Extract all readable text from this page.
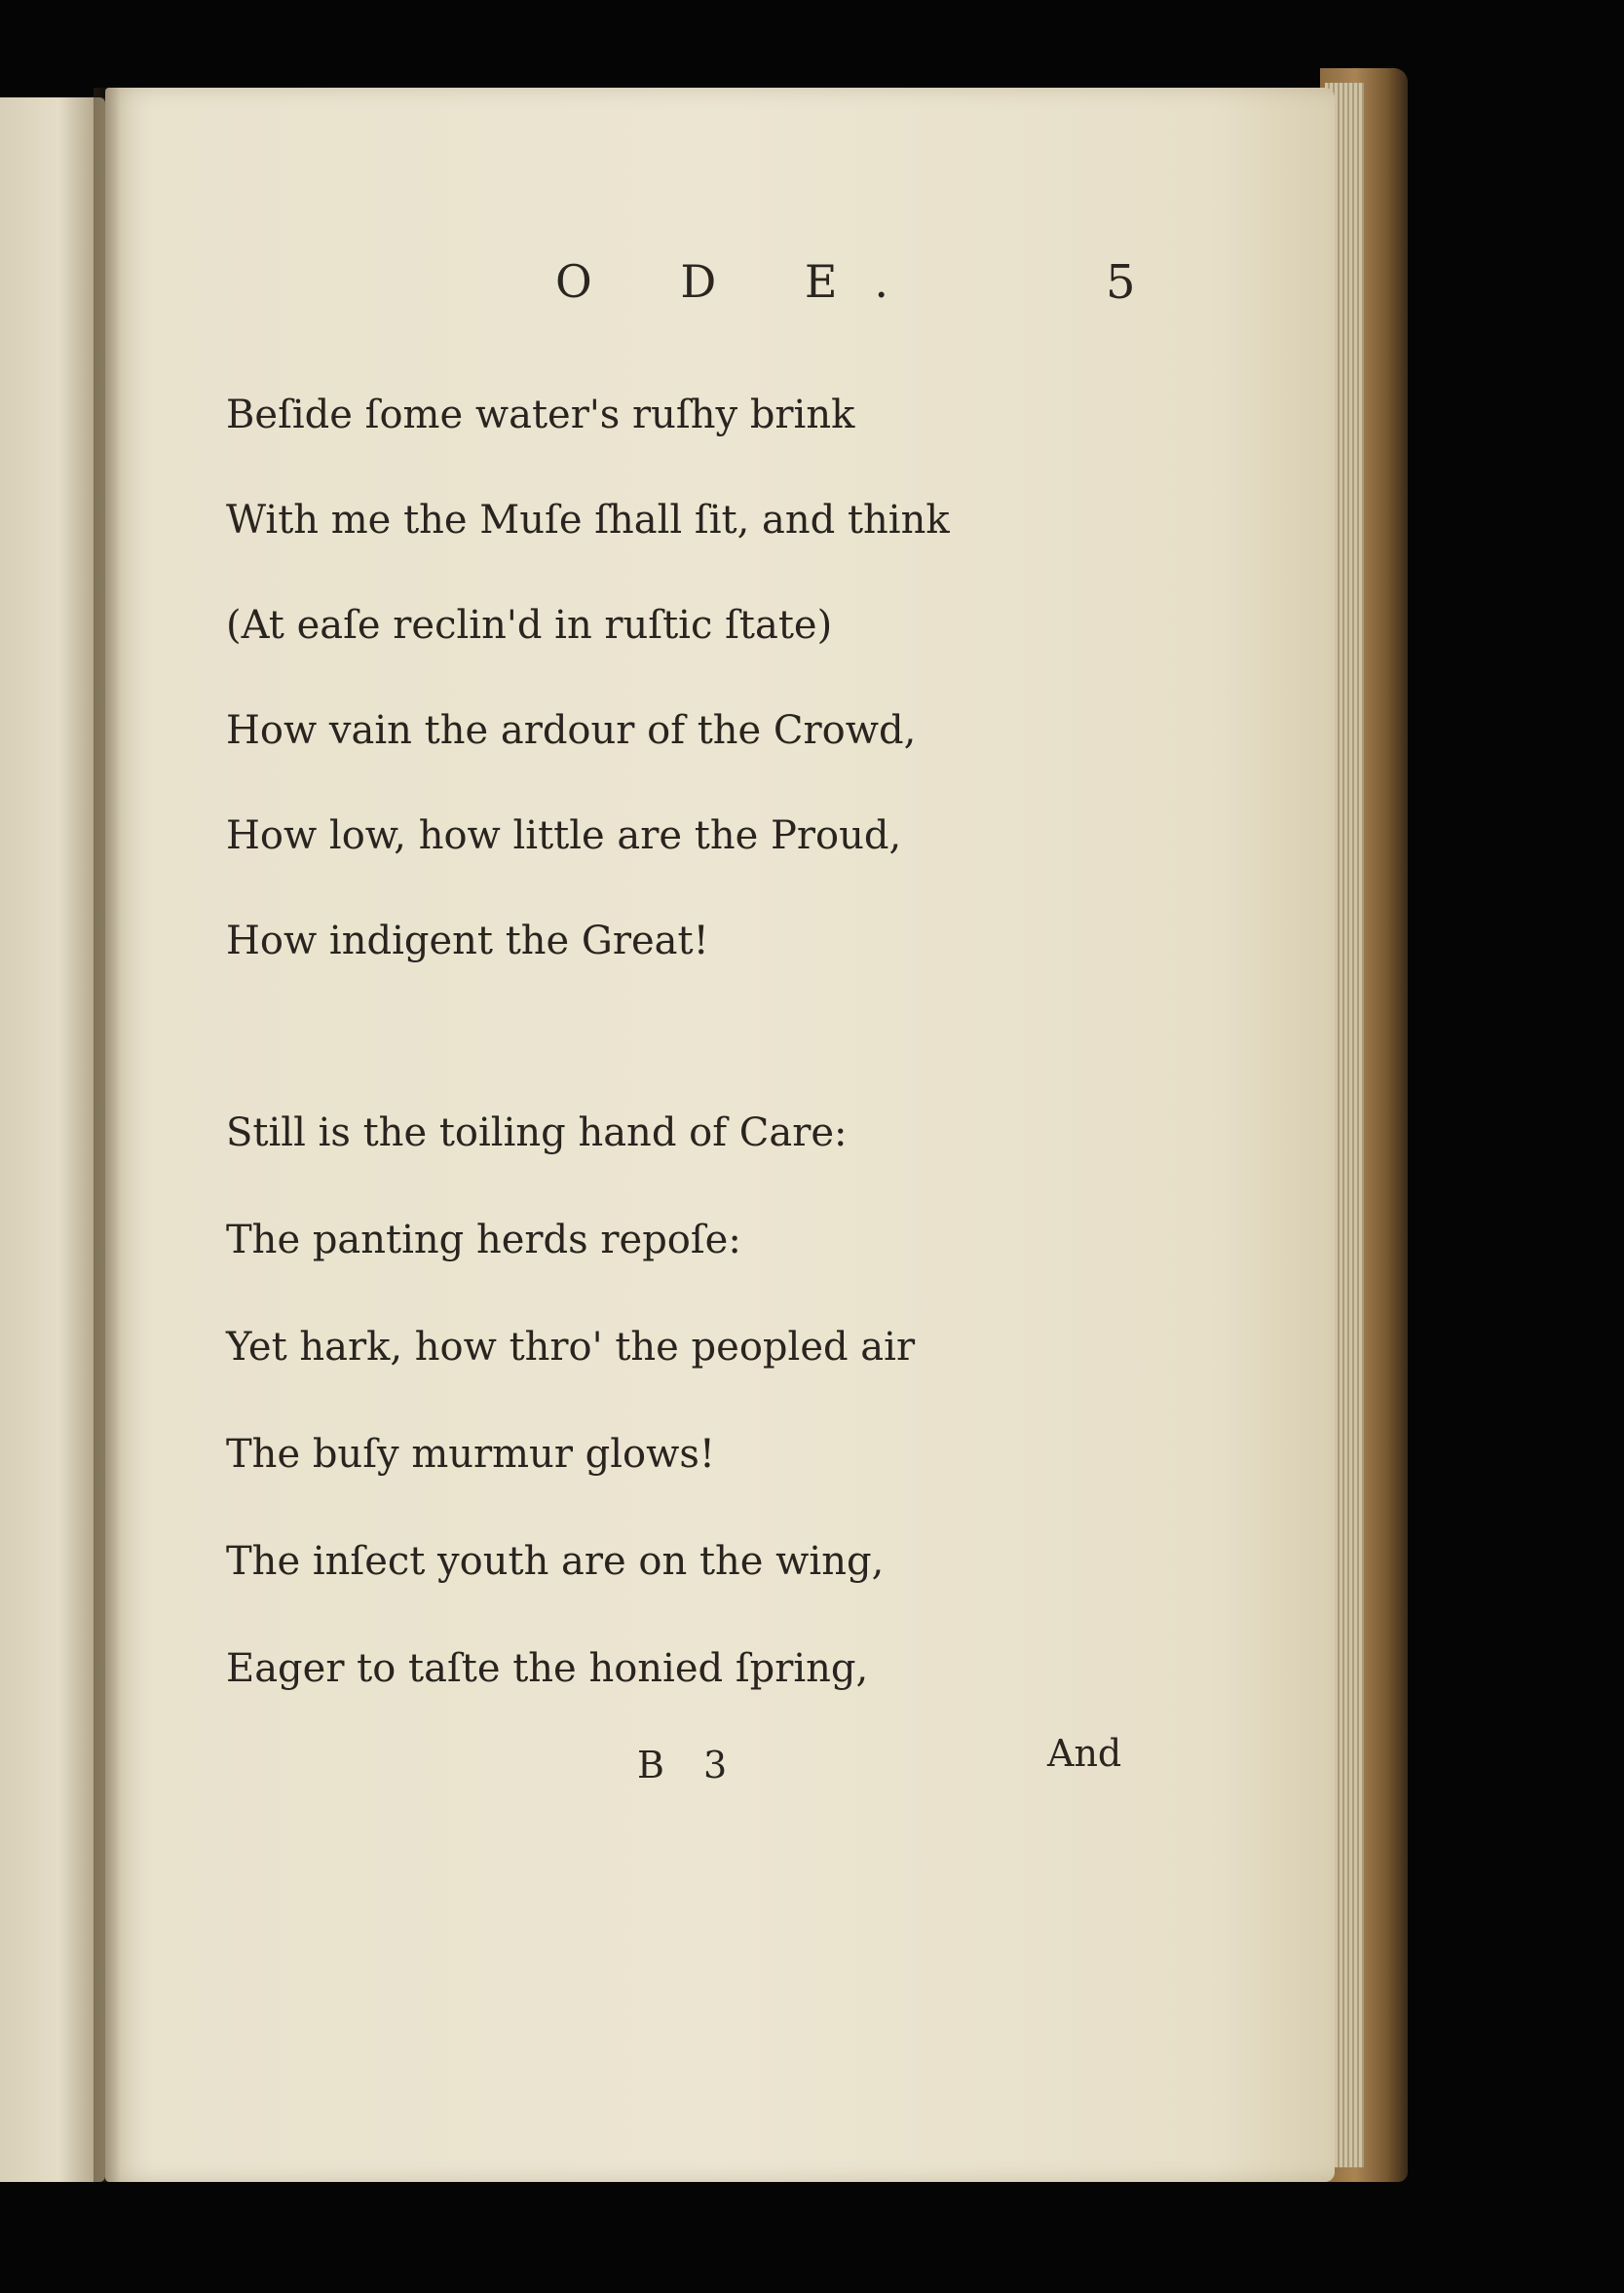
O D E.	5
Beſide ſome water's ruſhy brink
With me the Muſe ſhall ſit, and think
(At eaſe reclin'd in ruſtic ſtate)
How vain the ardour of the Crowd,
How low, how little are the Proud,
How indigent the Great!
Still is the toiling hand of Care:
The panting herds repoſe:
Yet hark, how thro' the peopled air
The buſy murmur glows!
The inſect youth are on the wing,
Eager to taſte the honied ſpring,
B 3	And
